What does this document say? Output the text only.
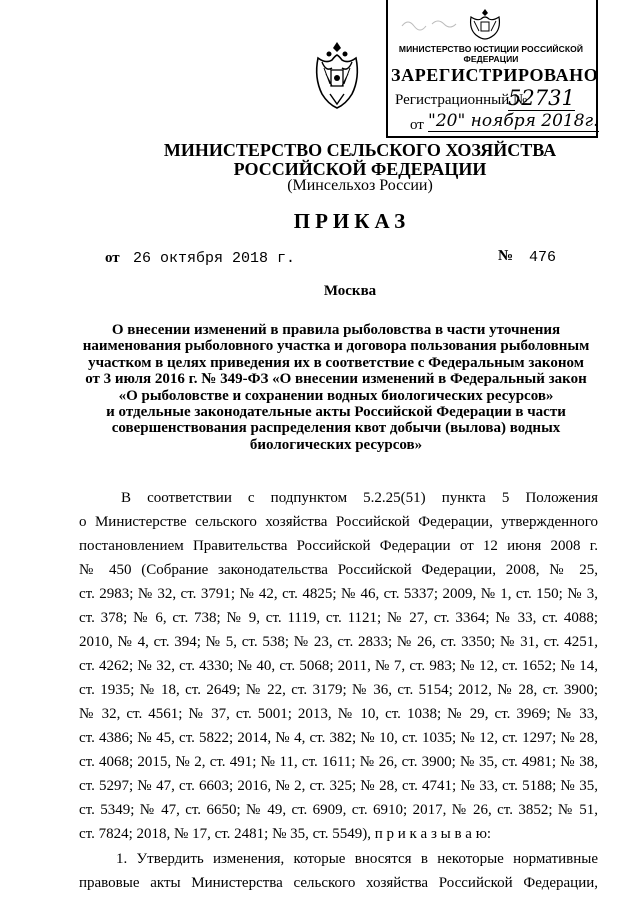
МИНИСТЕРСТВО ЮСТИЦИИ РОССИЙСКОЙ ФЕДЕРАЦИИ
ЗАРЕГИСТРИРОВАНО
Регистрационный №
52731
от "20" ноября 2018г.
МИНИСТЕРСТВО СЕЛЬСКОГО ХОЗЯЙСТВА
РОССИЙСКОЙ ФЕДЕРАЦИИ
(Минсельхоз России)
ПРИКАЗ
от 26 октября 2018 г.	№ 476
Москва
О внесении изменений в правила рыболовства в части уточнения
наименования рыболовного участка и договора пользования рыболовным
участком в целях приведения их в соответствие с Федеральным законом
от 3 июля 2016 г. № 349-ФЗ «О внесении изменений в Федеральный закон
«О рыболовстве и сохранении водных биологических ресурсов»
и отдельные законодательные акты Российской Федерации в части
совершенствования распределения квот добычи (вылова) водных
биологических ресурсов»
В соответствии с подпунктом 5.2.25(51) пункта 5 Положения
о Министерстве сельского хозяйства Российской Федерации, утвержденного
постановлением Правительства Российской Федерации от 12 июня 2008 г.
№ 450 (Собрание законодательства Российской Федерации, 2008, № 25,
ст. 2983; № 32, ст. 3791; № 42, ст. 4825; № 46, ст. 5337; 2009, № 1, ст. 150; № 3,
ст. 378; № 6, ст. 738; № 9, ст. 1119, ст. 1121; № 27, ст. 3364; № 33, ст. 4088;
2010, № 4, ст. 394; № 5, ст. 538; № 23, ст. 2833; № 26, ст. 3350; № 31, ст. 4251,
ст. 4262; № 32, ст. 4330; № 40, ст. 5068; 2011, № 7, ст. 983; № 12, ст. 1652; № 14,
ст. 1935; № 18, ст. 2649; № 22, ст. 3179; № 36, ст. 5154; 2012, № 28, ст. 3900;
№ 32, ст. 4561; № 37, ст. 5001; 2013, № 10, ст. 1038; № 29, ст. 3969; № 33,
ст. 4386; № 45, ст. 5822; 2014, № 4, ст. 382; № 10, ст. 1035; № 12, ст. 1297; № 28,
ст. 4068; 2015, № 2, ст. 491; № 11, ст. 1611; № 26, ст. 3900; № 35, ст. 4981; № 38,
ст. 5297; № 47, ст. 6603; 2016, № 2, ст. 325; № 28, ст. 4741; № 33, ст. 5188; № 35,
ст. 5349; № 47, ст. 6650; № 49, ст. 6909, ст. 6910; 2017, № 26, ст. 3852; № 51,
ст. 7824; 2018, № 17, ст. 2481; № 35, ст. 5549), п р и к а з ы в а ю:
1. Утвердить изменения, которые вносятся в некоторые нормативные
правовые акты Министерства сельского хозяйства Российской Федерации,
